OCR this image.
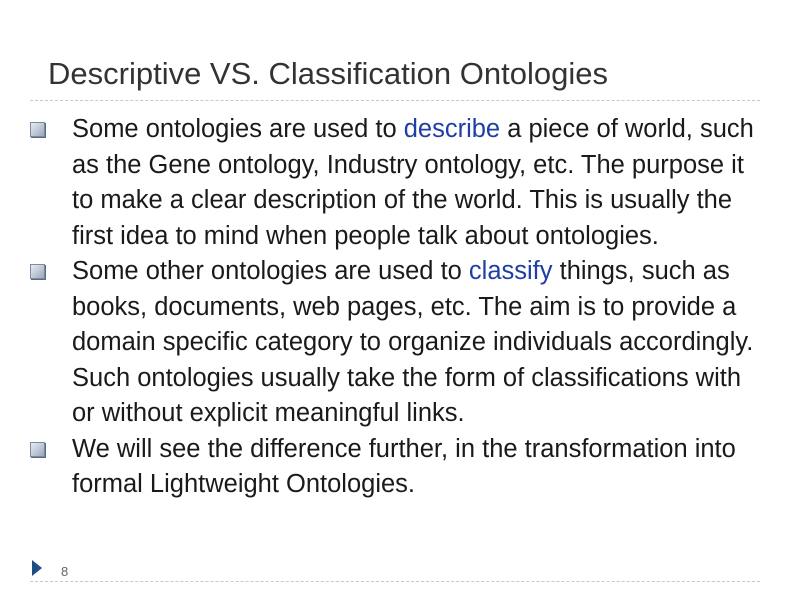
Descriptive VS. Classification Ontologies
Some ontologies are used to describe a piece of world, such as the Gene ontology, Industry ontology, etc. The purpose it to make a clear description of the world. This is usually the first idea to mind when people talk about ontologies.
Some other ontologies are used to classify things, such as books, documents, web pages, etc. The aim is to provide a domain specific category to organize individuals accordingly. Such ontologies usually take the form of classifications with or without explicit meaningful links.
We will see the difference further, in the transformation into formal Lightweight Ontologies.
8
